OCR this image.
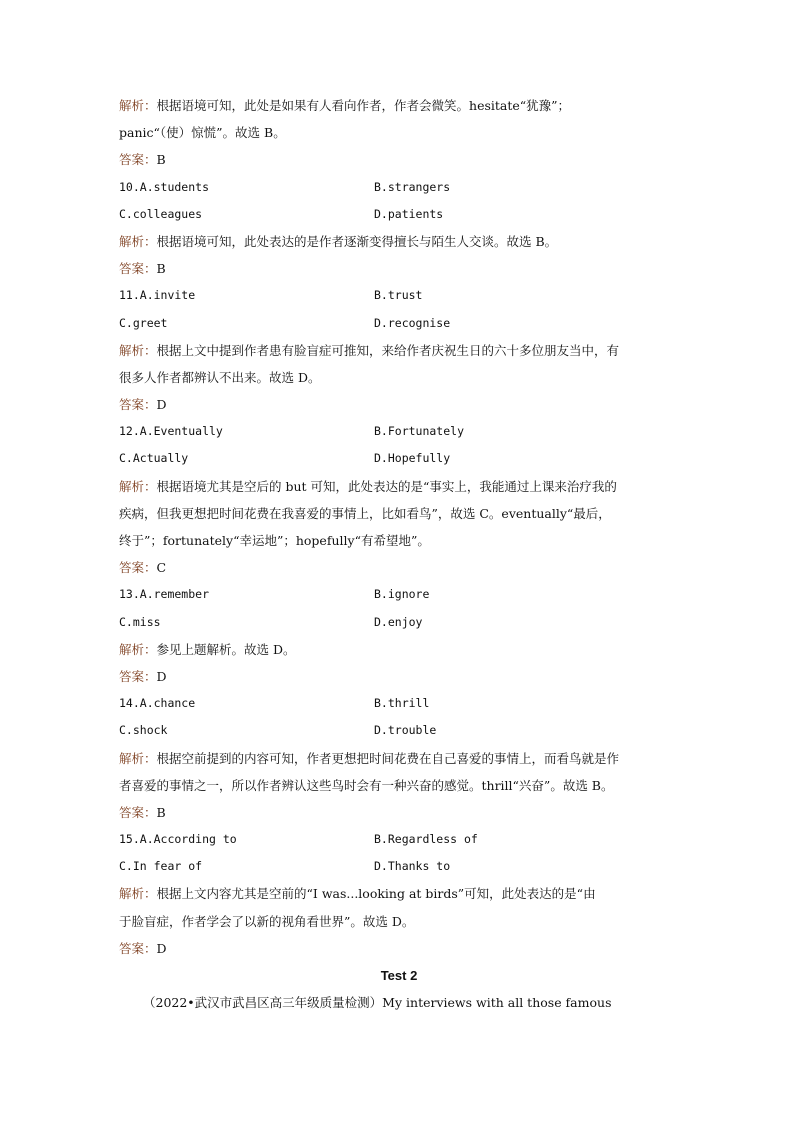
解析：根据语境可知，此处是如果有人看向作者，作者会微笑。hesitate“犹豫”；
panic“（使）惊慌”。故选 B。
答案：B
10.A.students	B.strangers
C.colleagues	D.patients
解析：根据语境可知，此处表达的是作者逐渐变得擅长与陌生人交谈。故选 B。
答案：B
11.A.invite	B.trust
C.greet	D.recognise
解析：根据上文中提到作者患有脸盲症可推知，来给作者庆祝生日的六十多位朋友当中，有
很多人作者都辨认不出来。故选 D。
答案：D
12.A.Eventually	B.Fortunately
C.Actually	D.Hopefully
解析：根据语境尤其是空后的 but 可知，此处表达的是“事实上，我能通过上课来治疗我的
疾病，但我更想把时间花费在我喜爱的事情上，比如看鸟”，故选 C。eventually“最后，
终于”；fortunately“幸运地”；hopefully“有希望地”。
答案：C
13.A.remember	B.ignore
C.miss	D.enjoy
解析：参见上题解析。故选 D。
答案：D
14.A.chance	B.thrill
C.shock	D.trouble
解析：根据空前提到的内容可知，作者更想把时间花费在自己喜爱的事情上，而看鸟就是作
者喜爱的事情之一，所以作者辨认这些鸟时会有一种兴奋的感觉。thrill“兴奋”。故选 B。
答案：B
15.A.According to	B.Regardless of
C.In fear of	D.Thanks to
解析：根据上文内容尤其是空前的“I was...looking at birds”可知，此处表达的是“由
于脸盲症，作者学会了以新的视角看世界”。故选 D。
答案：D
Test 2
（2022•武汉市武昌区高三年级质量检测）My interviews with all those famous
